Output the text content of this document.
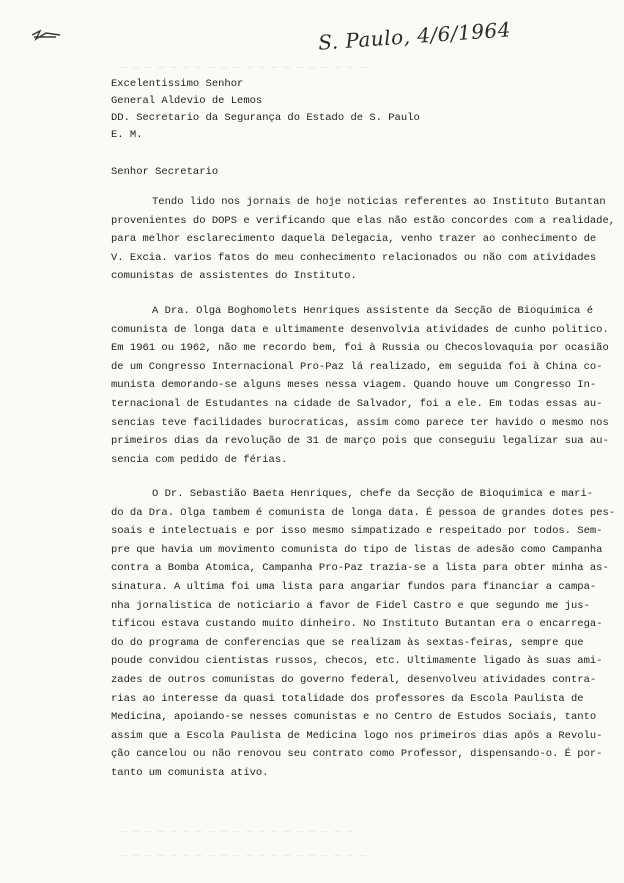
S. Paulo, 4/6/1964
— — — — — — — — — — — — — — — — — — — —
Excelentissimo Senhor
General Aldevio de Lemos
DD. Secretario da Segurança do Estado de S. Paulo
E. M.
Senhor Secretario
Tendo lido nos jornais de hoje noticias referentes ao Instituto Butantan
provenientes do DOPS e verificando que elas não estão concordes com a realidade,
para melhor esclarecimento daquela Delegacia, venho trazer ao conhecimento de
V. Excia. varios fatos do meu conhecimento relacionados ou não com atividades
comunistas de assistentes do Instituto.
A Dra. Olga Boghomolets Henriques assistente da Secção de Bioquimica é
comunista de longa data e ultimamente desenvolvia atividades de cunho politico.
Em 1961 ou 1962, não me recordo bem, foi à Russia ou Checoslovaquia por ocasião
de um Congresso Internacional Pro-Paz lá realizado, em seguida foi à China co-
munista demorando-se alguns meses nessa viagem. Quando houve um Congresso In-
ternacional de Estudantes na cidade de Salvador, foi a ele. Em todas essas au-
sencias teve facilidades burocraticas, assim como parece ter havido o mesmo nos
primeiros dias da revolução de 31 de março pois que conseguiu legalizar sua au-
sencia com pedido de férias.
O Dr. Sebastião Baeta Henriques, chefe da Secção de Bioquimica e mari-
do da Dra. Olga tambem é comunista de longa data. É pessoa de grandes dotes pes-
soais e intelectuais e por isso mesmo simpatizado e respeitado por todos. Sem-
pre que havia um movimento comunista do tipo de listas de adesão como Campanha
contra a Bomba Atomica, Campanha Pro-Paz trazia-se a lista para obter minha as-
sinatura. A ultima foi uma lista para angariar fundos para financiar a campa-
nha jornalistica de noticiario a favor de Fidel Castro e que segundo me jus-
tificou estava custando muito dinheiro. No Instituto Butantan era o encarrega-
do do programa de conferencias que se realizam às sextas-feiras, sempre que
poude convidou cientistas russos, checos, etc. Ultimamente ligado às suas ami-
zades de outros comunistas do governo federal, desenvolveu atividades contra-
rias ao interesse da quasi totalidade dos professores da Escola Paulista de
Medicina, apoiando-se nesses comunistas e no Centro de Estudos Sociais, tanto
assim que a Escola Paulista de Medicina logo nos primeiros dias após a Revolu-
ção cancelou ou não renovou seu contrato como Professor, dispensando-o. É por-
tanto um comunista ativo.
— — — — — — — — — — — — — — — — — — —
— — — — — — — — — — — — — — — — — — — —
